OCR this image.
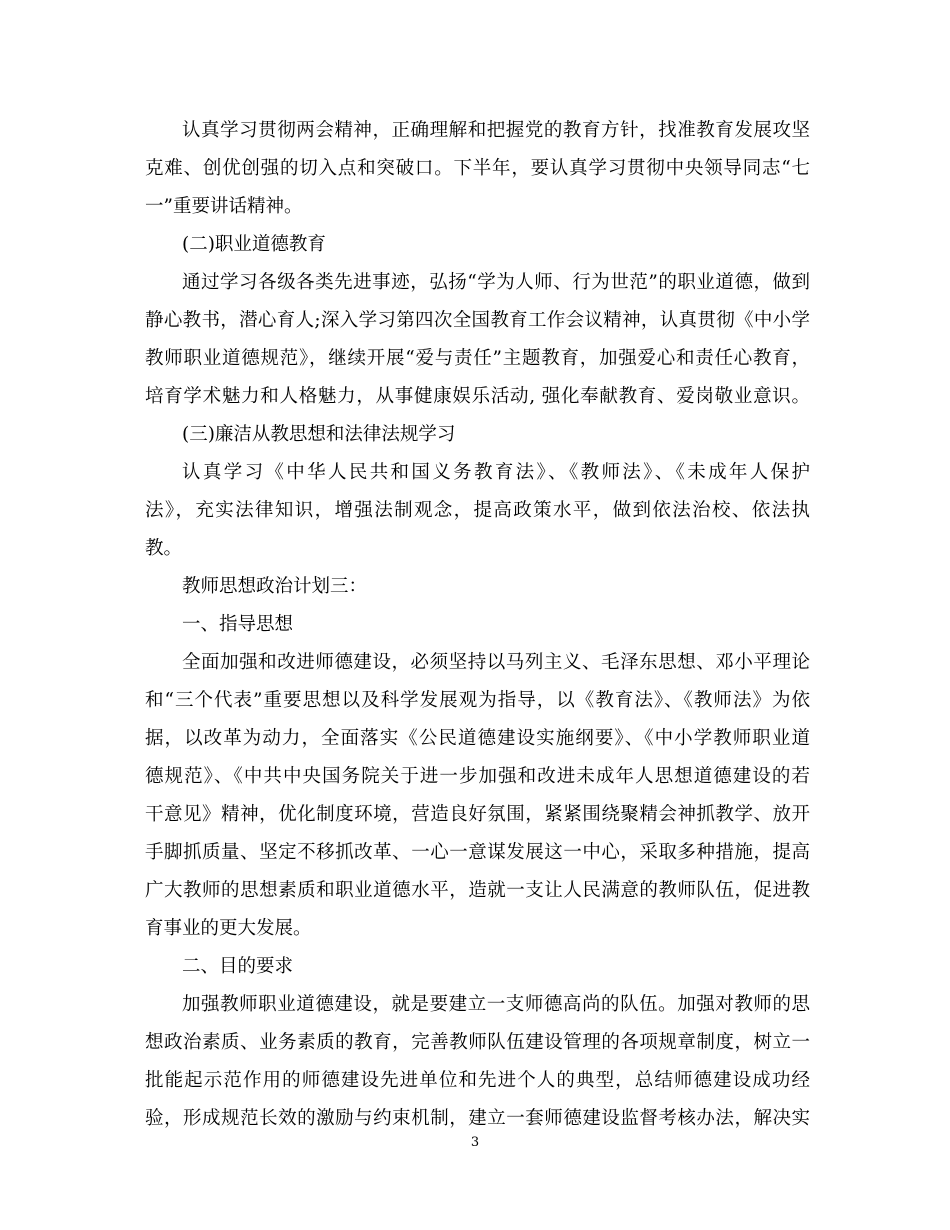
认真学习贯彻两会精神，正确理解和把握党的教育方针，找准教育发展攻坚
克难、创优创强的切入点和突破口。下半年，要认真学习贯彻中央领导同志“七
一”重要讲话精神。
(二)职业道德教育
通过学习各级各类先进事迹，弘扬“学为人师、行为世范”的职业道德，做到
静心教书，潜心育人;深入学习第四次全国教育工作会议精神，认真贯彻《中小学
教师职业道德规范》，继续开展“爱与责任”主题教育，加强爱心和责任心教育，
培育学术魅力和人格魅力，从事健康娱乐活动, 强化奉献教育、爱岗敬业意识。
(三)廉洁从教思想和法律法规学习
认真学习《中华人民共和国义务教育法》、《教师法》、《未成年人保护
法》，充实法律知识，增强法制观念，提高政策水平，做到依法治校、依法执
教。
教师思想政治计划三：
一、指导思想
全面加强和改进师德建设，必须坚持以马列主义、毛泽东思想、邓小平理论
和“三个代表”重要思想以及科学发展观为指导，以《教育法》、《教师法》为依
据，以改革为动力，全面落实《公民道德建设实施纲要》、《中小学教师职业道
德规范》、《中共中央国务院关于进一步加强和改进未成年人思想道德建设的若
干意见》精神，优化制度环境，营造良好氛围，紧紧围绕聚精会神抓教学、放开
手脚抓质量、坚定不移抓改革、一心一意谋发展这一中心，采取多种措施，提高
广大教师的思想素质和职业道德水平，造就一支让人民满意的教师队伍，促进教
育事业的更大发展。
二、目的要求
加强教师职业道德建设，就是要建立一支师德高尚的队伍。加强对教师的思
想政治素质、业务素质的教育，完善教师队伍建设管理的各项规章制度，树立一
批能起示范作用的师德建设先进单位和先进个人的典型，总结师德建设成功经
验，形成规范长效的激励与约束机制，建立一套师德建设监督考核办法，解决实
3
